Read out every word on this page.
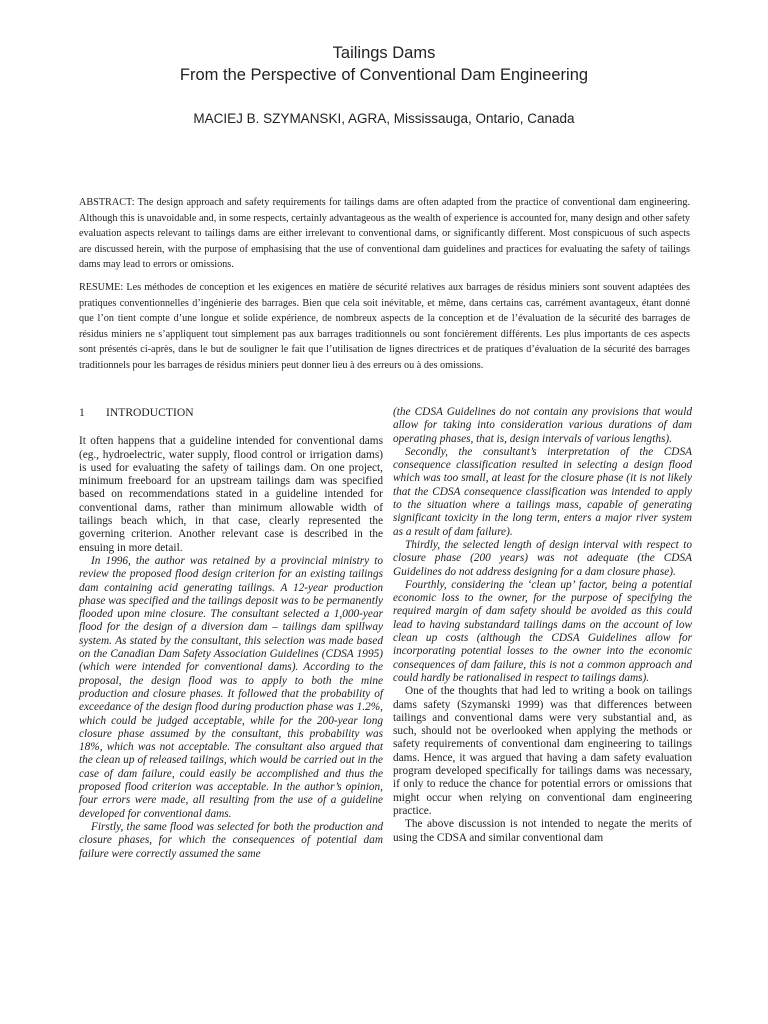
Tailings Dams
From the Perspective of Conventional Dam Engineering
MACIEJ B. SZYMANSKI, AGRA, Mississauga, Ontario, Canada

ABSTRACT: The design approach and safety requirements for tailings dams are often adapted from the practice of conventional dam engineering. Although this is unavoidable and, in some respects, certainly advantageous as the wealth of experience is accounted for, many design and other safety evaluation aspects relevant to tailings dams are either irrelevant to conventional dams, or significantly different. Most conspicuous of such aspects are discussed herein, with the purpose of emphasising that the use of conventional dam guidelines and practices for evaluating the safety of tailings dams may lead to errors or omissions.

RESUME: Les méthodes de conception et les exigences en matière de sécurité relatives aux barrages de résidus miniers sont souvent adaptées des pratiques conventionnelles d’ingénierie des barrages. Bien que cela soit inévitable, et même, dans certains cas, carrément avantageux, étant donné que l’on tient compte d’une longue et solide expérience, de nombreux aspects de la conception et de l’évaluation de la sécurité des barrages de résidus miniers ne s’appliquent tout simplement pas aux barrages traditionnels ou sont foncièrement différents. Les plus importants de ces aspects sont présentés ci-après, dans le but de souligner le fait que l’utilisation de lignes directrices et de pratiques d’évaluation de la sécurité des barrages traditionnels pour les barrages de résidus miniers peut donner lieu à des erreurs ou à des omissions.

1 INTRODUCTION

It often happens that a guideline intended for conventional dams (eg., hydroelectric, water supply, flood control or irrigation dams) is used for evaluating the safety of tailings dam. On one project, minimum freeboard for an upstream tailings dam was specified based on recommendations stated in a guideline intended for conventional dams, rather than minimum allowable width of tailings beach which, in that case, clearly represented the governing criterion. Another relevant case is described in the ensuing in more detail.

In 1996, the author was retained by a provincial ministry to review the proposed flood design criterion for an existing tailings dam containing acid generating tailings. A 12-year production phase was specified and the tailings deposit was to be permanently flooded upon mine closure. The consultant selected a 1,000-year flood for the design of a diversion dam – tailings dam spillway system. As stated by the consultant, this selection was made based on the Canadian Dam Safety Association Guidelines (CDSA 1995) (which were intended for conventional dams). According to the proposal, the design flood was to apply to both the mine production and closure phases. It followed that the probability of exceedance of the design flood during production phase was 1.2%, which could be judged acceptable, while for the 200-year long closure phase assumed by the consultant, this probability was 18%, which was not acceptable. The consultant also argued that the clean up of released tailings, which would be carried out in the case of dam failure, could easily be accomplished and thus the proposed flood criterion was acceptable. In the author’s opinion, four errors were made, all resulting from the use of a guideline developed for conventional dams.

Firstly, the same flood was selected for both the production and closure phases, for which the consequences of potential dam failure were correctly assumed the same

(the CDSA Guidelines do not contain any provisions that would allow for taking into consideration various durations of dam operating phases, that is, design intervals of various lengths).

Secondly, the consultant’s interpretation of the CDSA consequence classification resulted in selecting a design flood which was too small, at least for the closure phase (it is not likely that the CDSA consequence classification was intended to apply to the situation where a tailings mass, capable of generating significant toxicity in the long term, enters a major river system as a result of dam failure).

Thirdly, the selected length of design interval with respect to closure phase (200 years) was not adequate (the CDSA Guidelines do not address designing for a dam closure phase).

Fourthly, considering the ‘clean up’ factor, being a potential economic loss to the owner, for the purpose of specifying the required margin of dam safety should be avoided as this could lead to having substandard tailings dams on the account of low clean up costs (although the CDSA Guidelines allow for incorporating potential losses to the owner into the economic consequences of dam failure, this is not a common approach and could hardly be rationalised in respect to tailings dams).

One of the thoughts that had led to writing a book on tailings dams safety (Szymanski 1999) was that differences between tailings and conventional dams were very substantial and, as such, should not be overlooked when applying the methods or safety requirements of conventional dam engineering to tailings dams. Hence, it was argued that having a dam safety evaluation program developed specifically for tailings dams was necessary, if only to reduce the chance for potential errors or omissions that might occur when relying on conventional dam engineering practice.

The above discussion is not intended to negate the merits of using the CDSA and similar conventional dam
